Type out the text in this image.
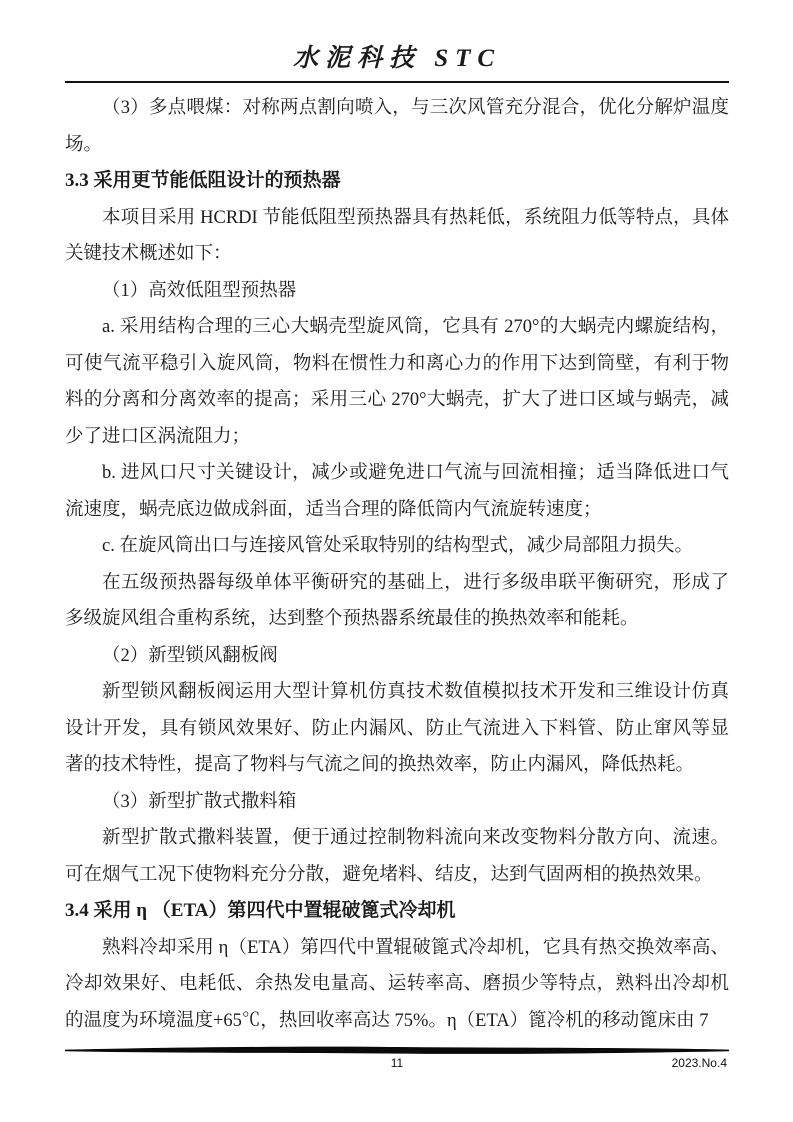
水泥科技 STC
（3）多点喂煤：对称两点割向喷入，与三次风管充分混合，优化分解炉温度场。
3.3 采用更节能低阻设计的预热器
本项目采用 HCRDI 节能低阻型预热器具有热耗低，系统阻力低等特点，具体关键技术概述如下：
（1）高效低阻型预热器
a. 采用结构合理的三心大蜗壳型旋风筒，它具有 270°的大蜗壳内螺旋结构，可使气流平稳引入旋风筒，物料在惯性力和离心力的作用下达到筒壁，有利于物料的分离和分离效率的提高；采用三心 270°大蜗壳，扩大了进口区域与蜗壳，减少了进口区涡流阻力；
b. 进风口尺寸关键设计，减少或避免进口气流与回流相撞；适当降低进口气流速度，蜗壳底边做成斜面，适当合理的降低筒内气流旋转速度；
c. 在旋风筒出口与连接风管处采取特别的结构型式，减少局部阻力损失。
在五级预热器每级单体平衡研究的基础上，进行多级串联平衡研究，形成了多级旋风组合重构系统，达到整个预热器系统最佳的换热效率和能耗。
（2）新型锁风翻板阀
新型锁风翻板阀运用大型计算机仿真技术数值模拟技术开发和三维设计仿真设计开发，具有锁风效果好、防止内漏风、防止气流进入下料管、防止窜风等显著的技术特性，提高了物料与气流之间的换热效率，防止内漏风，降低热耗。
（3）新型扩散式撒料箱
新型扩散式撒料装置，便于通过控制物料流向来改变物料分散方向、流速。可在烟气工况下使物料充分分散，避免堵料、结皮，达到气固两相的换热效果。
3.4 采用 η （ETA）第四代中置辊破篦式冷却机
熟料冷却采用 η（ETA）第四代中置辊破篦式冷却机，它具有热交换效率高、冷却效果好、电耗低、余热发电量高、运转率高、磨损少等特点，熟料出冷却机的温度为环境温度+65℃，热回收率高达 75%。η（ETA）篦冷机的移动篦床由 7
11	2023.No.4
